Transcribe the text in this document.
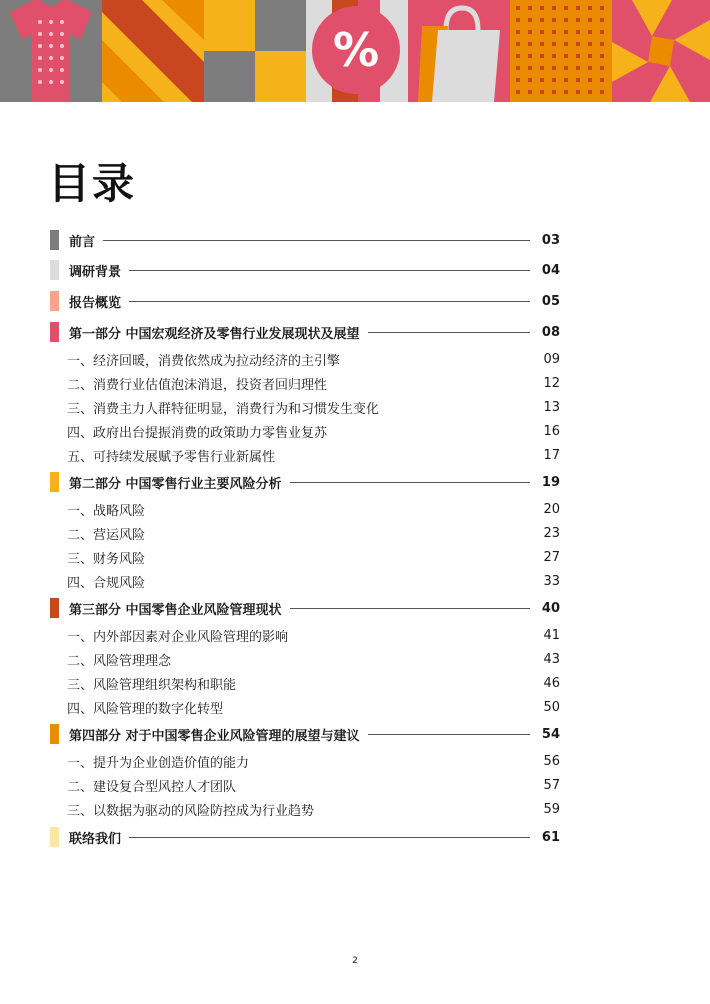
%
目录
前言	03
调研背景	04
报告概览	05
第一部分 中国宏观经济及零售行业发展现状及展望	08
一、经济回暖，消费依然成为拉动经济的主引擎	09
二、消费行业估值泡沫消退，投资者回归理性	12
三、消费主力人群特征明显，消费行为和习惯发生变化	13
四、政府出台提振消费的政策助力零售业复苏	16
五、可持续发展赋予零售行业新属性	17
第二部分 中国零售行业主要风险分析	19
一、战略风险	20
二、营运风险	23
三、财务风险	27
四、合规风险	33
第三部分 中国零售企业风险管理现状	40
一、内外部因素对企业风险管理的影响	41
二、风险管理理念	43
三、风险管理组织架构和职能	46
四、风险管理的数字化转型	50
第四部分 对于中国零售企业风险管理的展望与建议	54
一、提升为企业创造价值的能力	56
二、建设复合型风控人才团队	57
三、以数据为驱动的风险防控成为行业趋势	59
联络我们	61
2
